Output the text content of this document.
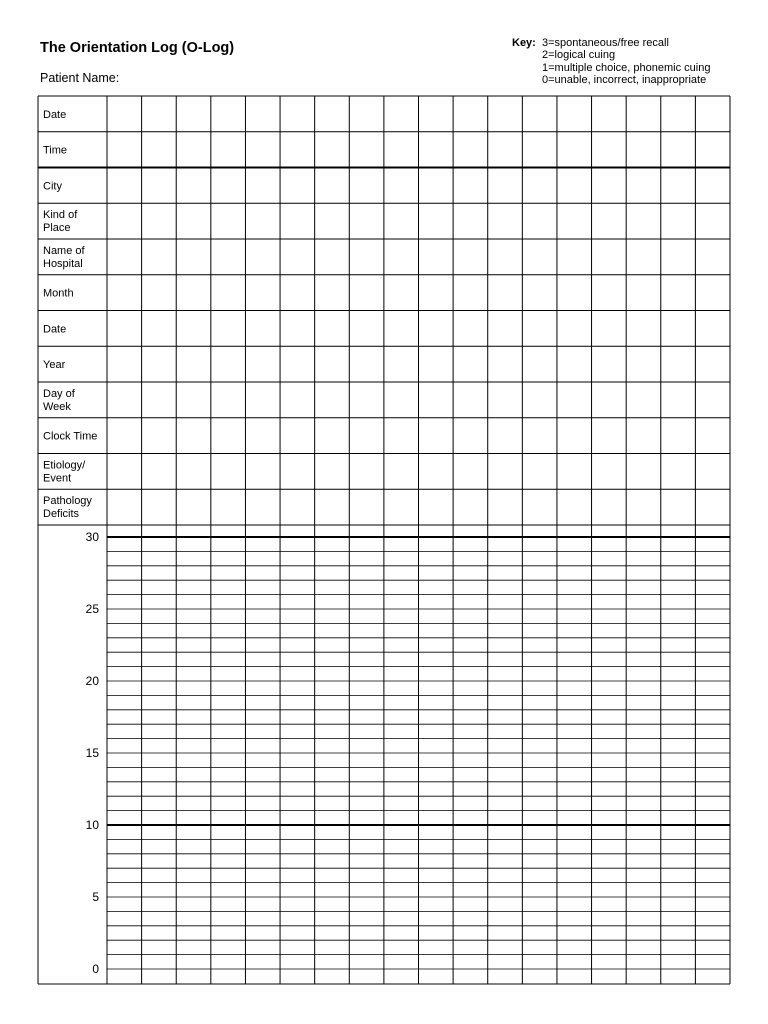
The Orientation Log (O-Log)
Patient Name:
Key: 3=spontaneous/free recall
2=logical cuing
1=multiple choice, phonemic cuing
0=unable, incorrect, inappropriate
Date
Time
City
Kind of
Place
Name of
Hospital
Month
Date
Year
Day of
Week
Clock Time
Etiology/
Event
Pathology
Deficits
30
25
20
15
10
5
0
